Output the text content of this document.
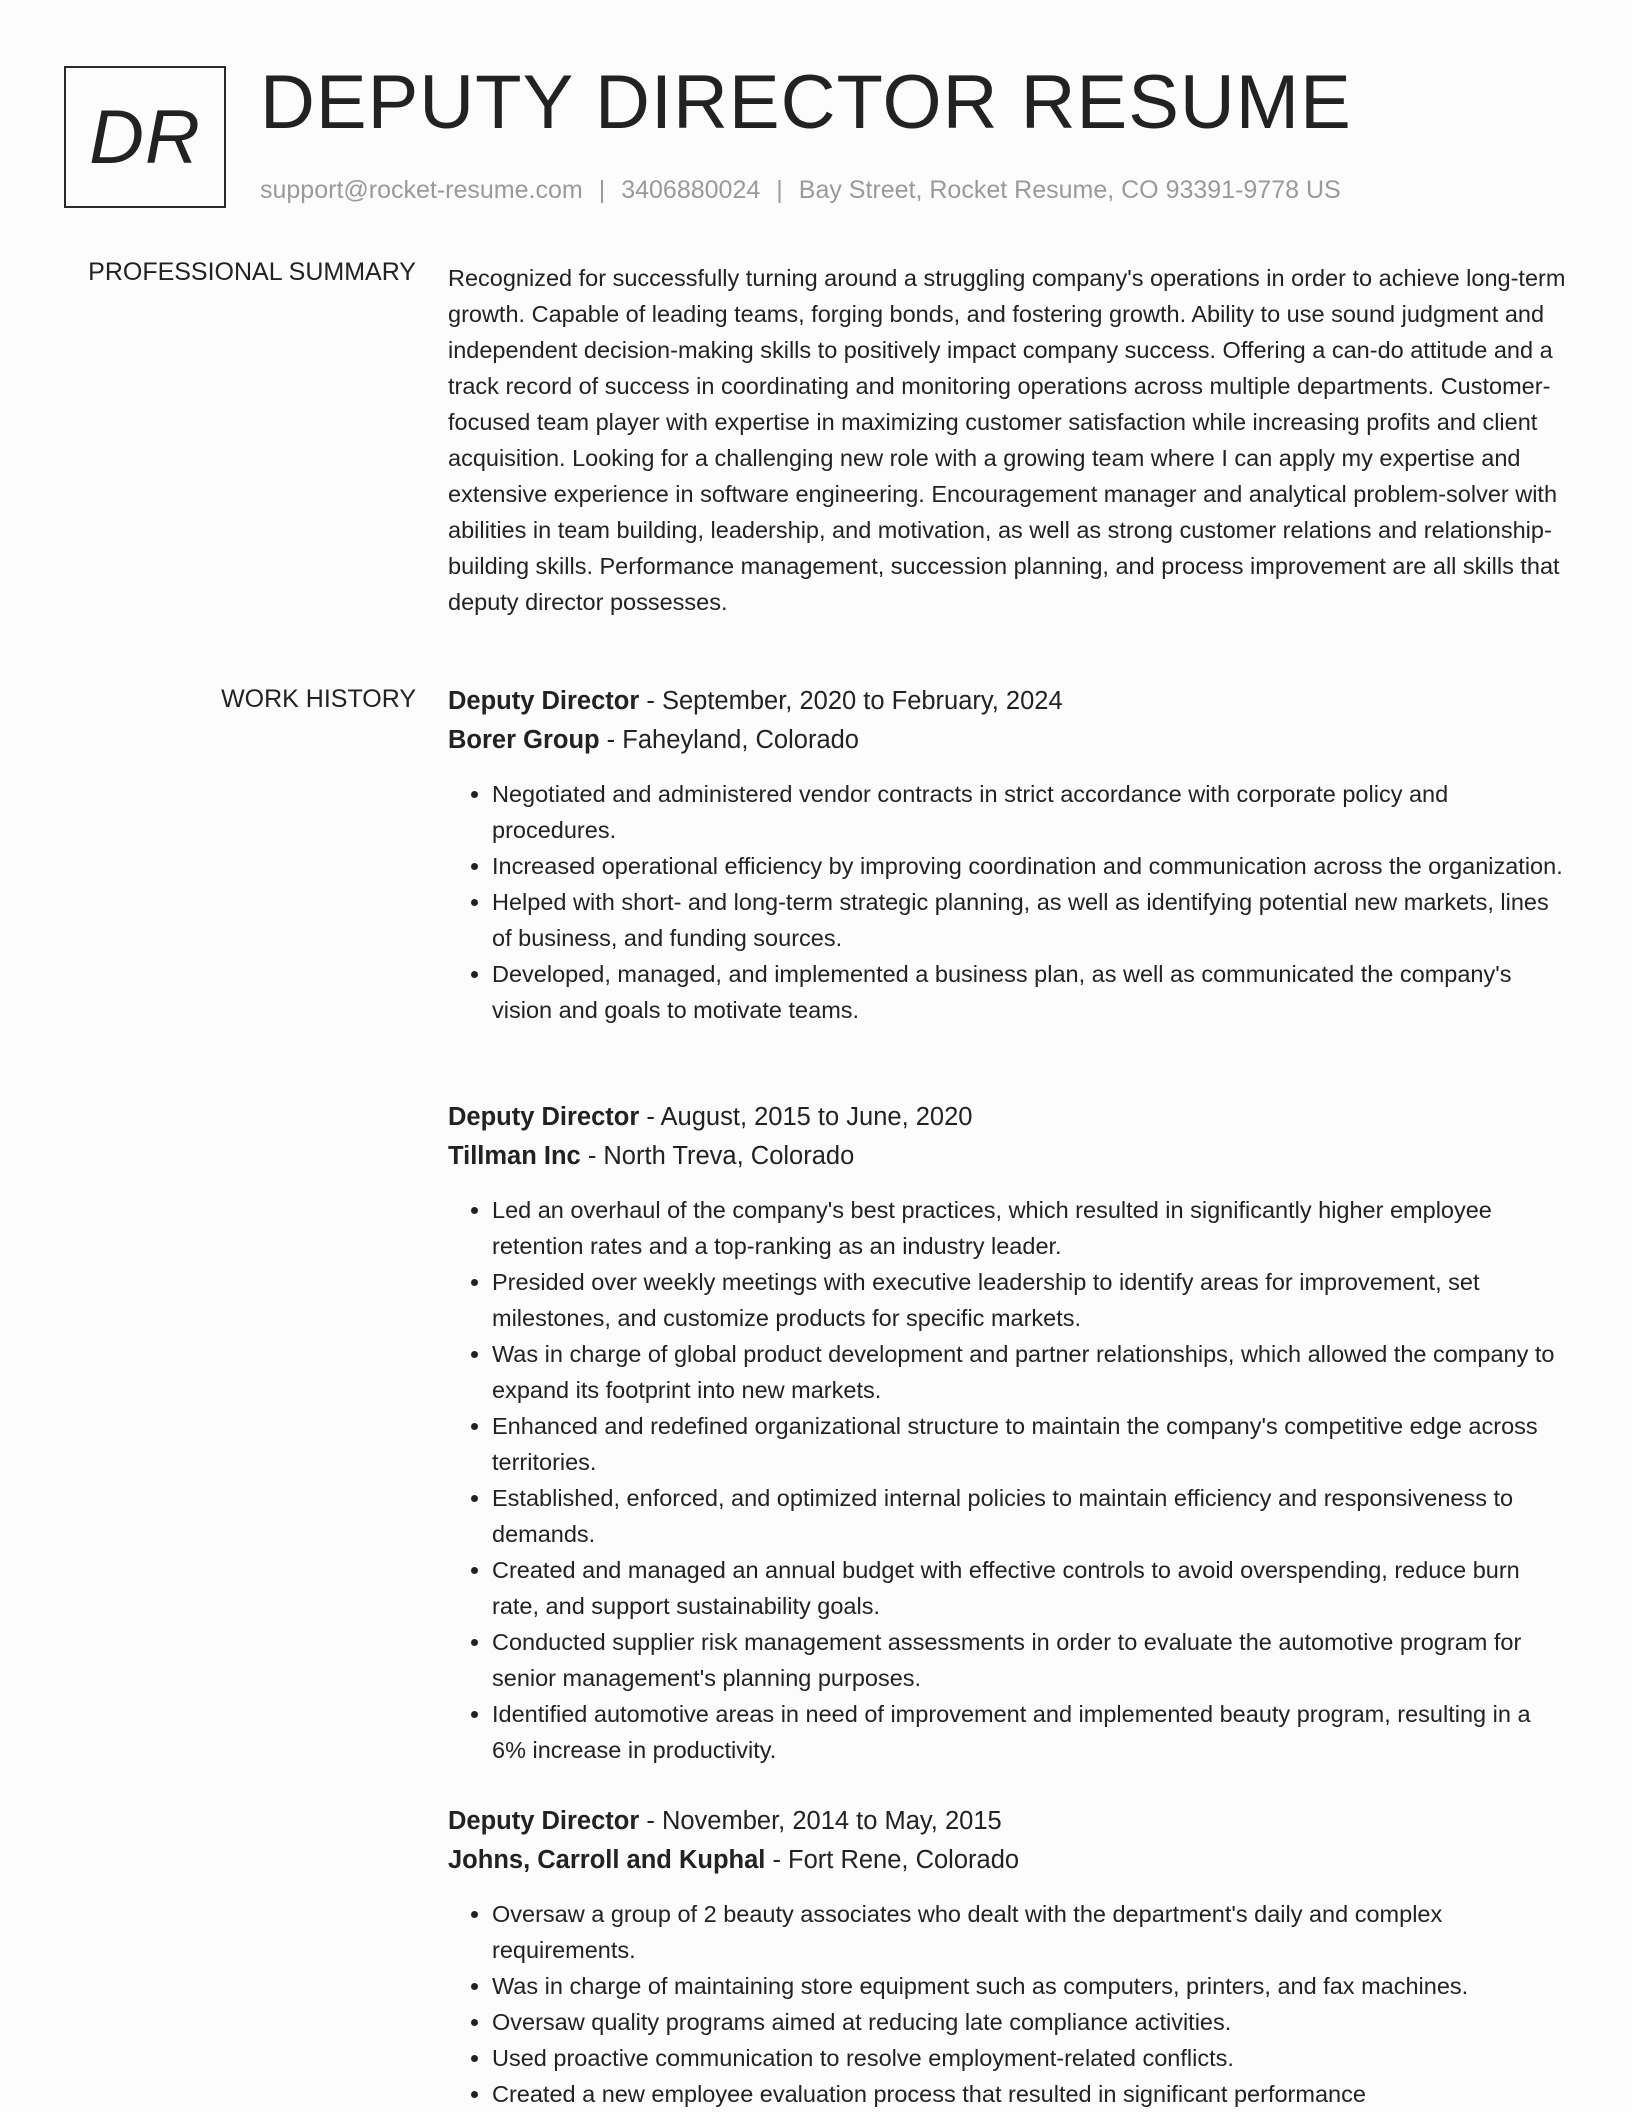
DR DEPUTY DIRECTOR RESUME
support@rocket-resume.com | 3406880024 | Bay Street, Rocket Resume, CO 93391-9778 US
PROFESSIONAL SUMMARY Recognized for successfully turning around a struggling company's operations in order to achieve long-term growth. Capable of leading teams, forging bonds, and fostering growth. Ability to use sound judgment and independent decision-making skills to positively impact company success. Offering a can-do attitude and a track record of success in coordinating and monitoring operations across multiple departments. Customer-focused team player with expertise in maximizing customer satisfaction while increasing profits and client acquisition. Looking for a challenging new role with a growing team where I can apply my expertise and extensive experience in software engineering. Encouragement manager and analytical problem-solver with abilities in team building, leadership, and motivation, as well as strong customer relations and relationship-building skills. Performance management, succession planning, and process improvement are all skills that deputy director possesses.

WORK HISTORY Deputy Director - September, 2020 to February, 2024
Borer Group - Faheyland, Colorado
• Negotiated and administered vendor contracts in strict accordance with corporate policy and procedures.
• Increased operational efficiency by improving coordination and communication across the organization.
• Helped with short- and long-term strategic planning, as well as identifying potential new markets, lines of business, and funding sources.
• Developed, managed, and implemented a business plan, as well as communicated the company's vision and goals to motivate teams.
Deputy Director - August, 2015 to June, 2020
Tillman Inc - North Treva, Colorado
• Led an overhaul of the company's best practices, which resulted in significantly higher employee retention rates and a top-ranking as an industry leader.
• Presided over weekly meetings with executive leadership to identify areas for improvement, set milestones, and customize products for specific markets.
• Was in charge of global product development and partner relationships, which allowed the company to expand its footprint into new markets.
• Enhanced and redefined organizational structure to maintain the company's competitive edge across territories.
• Established, enforced, and optimized internal policies to maintain efficiency and responsiveness to demands.
• Created and managed an annual budget with effective controls to avoid overspending, reduce burn rate, and support sustainability goals.
• Conducted supplier risk management assessments in order to evaluate the automotive program for senior management's planning purposes.
• Identified automotive areas in need of improvement and implemented beauty program, resulting in a 6% increase in productivity.
Deputy Director - November, 2014 to May, 2015
Johns, Carroll and Kuphal - Fort Rene, Colorado
• Oversaw a group of 2 beauty associates who dealt with the department's daily and complex requirements.
• Was in charge of maintaining store equipment such as computers, printers, and fax machines.
• Oversaw quality programs aimed at reducing late compliance activities.
• Used proactive communication to resolve employment-related conflicts.
• Created a new employee evaluation process that resulted in significant performance
